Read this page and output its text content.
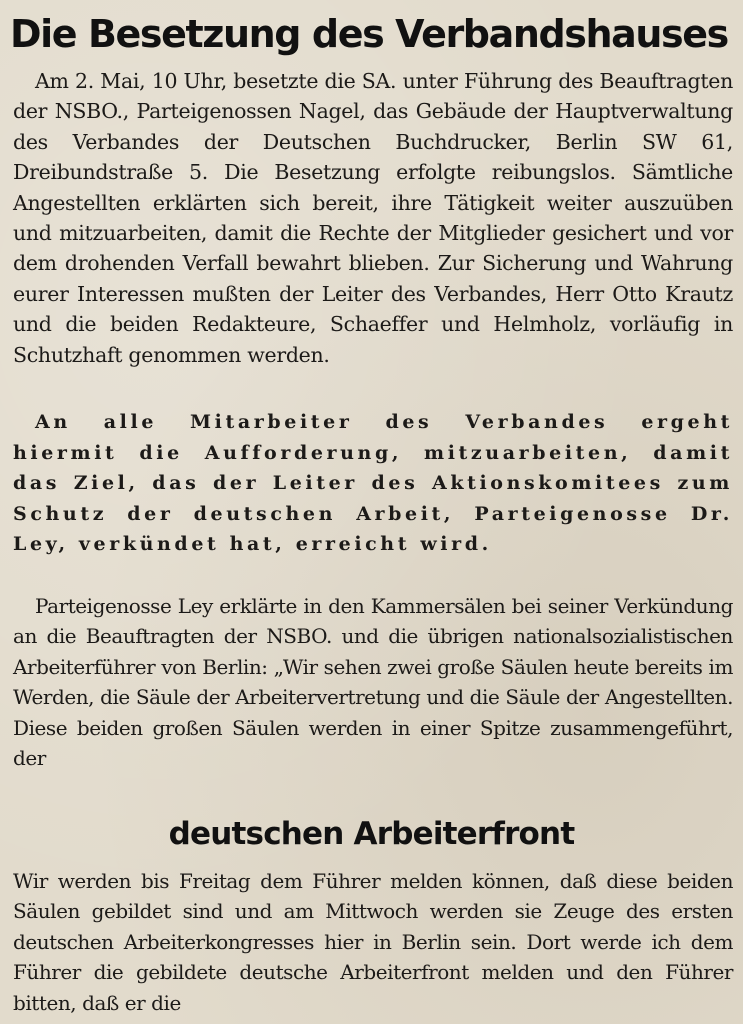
Die Besetzung des Verbandshauses

Am 2. Mai, 10 Uhr, besetzte die SA. unter Führung des Beauftragten der NSBO., Parteigenossen Nagel, das Gebäude der Hauptverwaltung des Verbandes der Deutschen Buchdrucker, Berlin SW 61, Dreibundstraße 5. Die Besetzung erfolgte reibungslos. Sämtliche Angestellten erklärten sich bereit, ihre Tätigkeit weiter auszuüben und mitzuarbeiten, damit die Rechte der Mitglieder gesichert und vor dem drohenden Verfall bewahrt blieben. Zur Sicherung und Wahrung eurer Interessen mußten der Leiter des Verbandes, Herr Otto Krautz und die beiden Redakteure, Schaeffer und Helmholz, vorläufig in Schutzhaft genommen werden.

An alle Mitarbeiter des Verbandes ergeht hiermit die Aufforderung, mitzuarbeiten, damit das Ziel, das der Leiter des Aktionskomitees zum Schutz der deutschen Arbeit, Parteigenosse Dr. Ley, verkündet hat, erreicht wird.

Parteigenosse Ley erklärte in den Kammersälen bei seiner Verkündung an die Beauftragten der NSBO. und die übrigen nationalsozialistischen Arbeiterführer von Berlin: „Wir sehen zwei große Säulen heute bereits im Werden, die Säule der Arbeitervertretung und die Säule der Angestellten. Diese beiden großen Säulen werden in einer Spitze zusammengeführt, der

deutschen Arbeiterfront

Wir werden bis Freitag dem Führer melden können, daß diese beiden Säulen gebildet sind und am Mittwoch werden sie Zeuge des ersten deutschen Arbeiterkongresses hier in Berlin sein. Dort werde ich dem Führer die gebildete deutsche Arbeiterfront melden und den Führer bitten, daß er die
